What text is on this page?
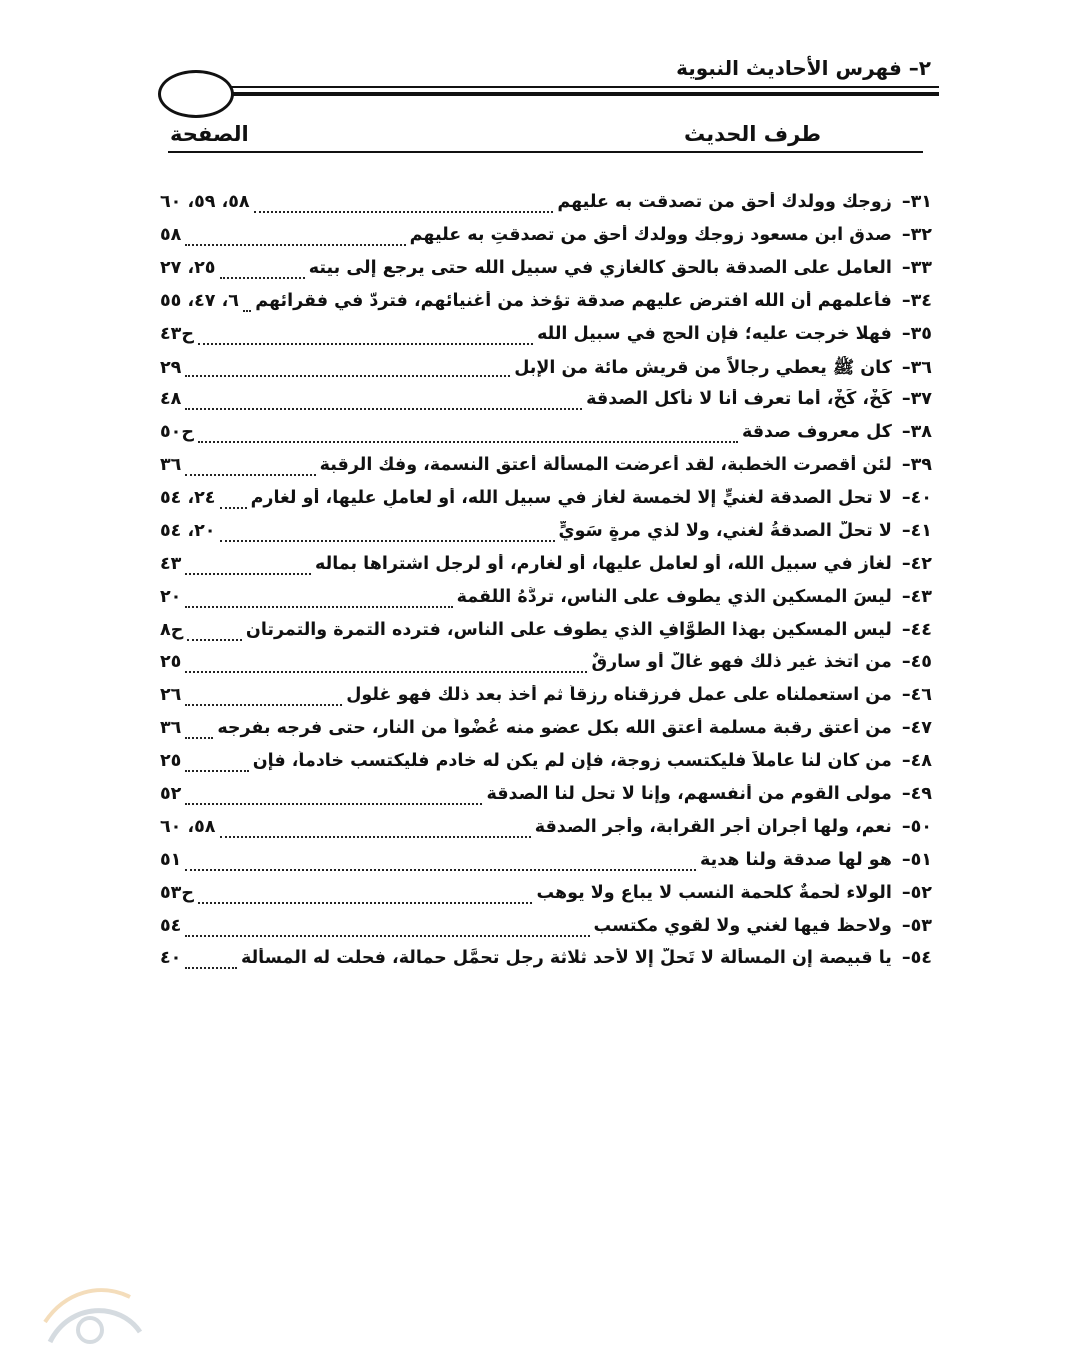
٢– فهرس الأحاديث النبوية
طرف الحديث
الصفحة
٣١–
زوجك وولدك أحق من تصدقت به عليهم
٥٨، ٥٩، ٦٠
٣٢–
صدق ابن مسعود زوجك وولدك أحق من تصدقتِ به عليهم
٥٨
٣٣–
العامل على الصدقة بالحق كالغازي في سبيل الله حتى يرجع إلى بيته
٢٥، ٢٧
٣٤–
فأعلمهم أن الله افترض عليهم صدقة تؤخذ من أغنيائهم، فتردّ في فقرائهم
٦، ٤٧، ٥٥
٣٥–
فهلا خرجت عليه؛ فإن الحج في سبيل الله
ح٤٣
٣٦–
كان ﷺ يعطي رجالاً من قريش مائة من الإبل
٢٩
٣٧–
كَخْ، كَخْ، أما تعرف أنا لا نأكل الصدقة
٤٨
٣٨–
كل معروف صدقة
ح٥٠
٣٩–
لئن أقصرت الخطبة، لقد أعرضت المسألة أعتق النسمة، وفك الرقبة
٣٦
٤٠–
لا تحل الصدقة لغنيٍّ إلا لخمسة لغازٍ في سبيل الله، أو لعاملٍ عليها، أو لغارمٍ
٢٤، ٥٤
٤١–
لا تحلُّ الصدقةُ لغني، ولا لذي مرةٍ سَويٍّ
٢٠، ٥٤
٤٢–
لغازٍ في سبيل الله، أو لعامل عليها، أو لغارمٍ، أو لرجل اشتراها بماله
٤٣
٤٣–
ليسَ المسكين الذي يطوف على الناس، تردُّهُ اللقمة
٢٠
٤٤–
ليس المسكين بهذا الطوَّافِ الذي يطوف على الناس، فترده التمرة والتمرتان
ح٨
٤٥–
من اتخذ غير ذلك فهو غالٌّ أو سارقٌ
٢٥
٤٦–
من استعملناه على عمل فرزقناه رزقاً ثم أخذ بعد ذلك فهو غلول
٢٦
٤٧–
من أعتق رقبة مسلمة أعتق الله بكل عضو منه عُضْواً من النار، حتى فرجه بفرجه
٣٦
٤٨–
من كان لنا عاملاً فليكتسب زوجة، فإن لم يكن له خادم فليكتسب خادماً، فإن
٢٥
٤٩–
مولى القوم من أنفسهم، وإنا لا تحل لنا الصدقة
٥٢
٥٠–
نعم، ولها أجران أجر القرابة، وأجر الصدقة
٥٨، ٦٠
٥١–
هو لها صدقة ولنا هدية
٥١
٥٢–
الولاء لُحمةٌ كلحمة النسب لا يباع ولا يوهب
ح٥٣
٥٣–
ولاحظ فيها لغني ولا لقوي مكتسب
٥٤
٥٤–
يا قبيصة إن المسألة لا تَحلُّ إلا لأحد ثلاثة رجل تحمَّل حمالة، فحلت له المسألة
٤٠
